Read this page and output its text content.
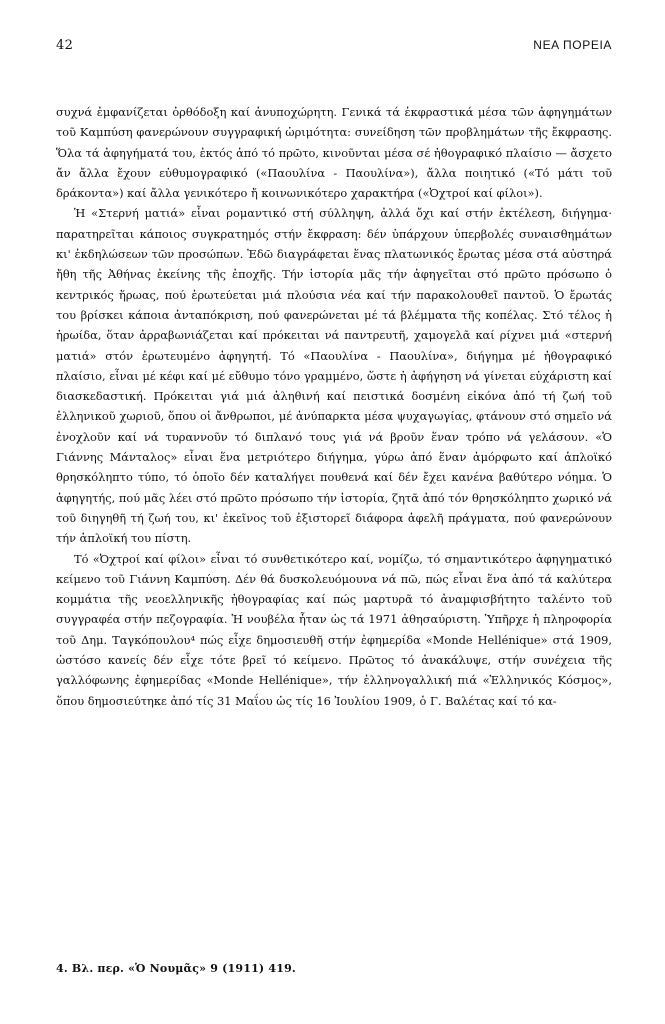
42	ΝΕΑ ΠΟΡΕΙΑ

συχνά ἐμφανίζεται ὀρθόδοξη καί ἀνυποχώρητη. Γενικά τά ἐκφραστικά μέσα τῶν ἀφηγημάτων τοῦ Καμπύση φανερώνουν συγγραφική ὡριμότητα: συνείδηση τῶν προβλημάτων τῆς ἔκφρασης. Ὅλα τά ἀφηγήματά του, ἐκτός ἀπό τό πρῶτο, κινοῦνται μέσα σέ ἠθογραφικό πλαίσιο — ἄσχετο ἄν ἄλλα ἔχουν εὐθυμογραφικό («Παουλίνα - Παουλίνα»), ἄλλα ποιητικό («Τό μάτι τοῦ δράκοντα») καί ἄλλα γενικότερο ἤ κοινωνικότερο χαρακτήρα («Ὀχτροί καί φίλοι»).

Ἡ «Στερνή ματιά» εἶναι ρομαντικό στή σύλληψη, ἀλλά ὄχι καί στήν ἐκτέλεση, διήγημα· παρατηρεῖται κάποιος συγκρατημός στήν ἔκφραση: δέν ὑπάρχουν ὑπερβολές συναισθημάτων κι' ἐκδηλώσεων τῶν προσώπων. Ἐδῶ διαγράφεται ἕνας πλατωνικός ἔρωτας μέσα στά αὐστηρά ἤθη τῆς Ἀθήνας ἐκείνης τῆς ἐποχῆς. Τήν ἱστορία μᾶς τήν ἀφηγεῖται στό πρῶτο πρόσωπο ὁ κεντρικός ἥρωας, πού ἐρωτεύεται μιά πλούσια νέα καί τήν παρακολουθεῖ παντοῦ. Ὁ ἔρωτάς του βρίσκει κάποια ἀνταπόκριση, πού φανερώνεται μέ τά βλέμματα τῆς κοπέλας. Στό τέλος ἡ ἡρωίδα, ὅταν ἀρραβωνιάζεται καί πρόκειται νά παντρευτῆ, χαμογελᾶ καί ρίχνει μιά «στερνή ματιά» στόν ἐρωτευμένο ἀφηγητή. Τό «Παουλίνα - Παουλίνα», διήγημα μέ ἠθογραφικό πλαίσιο, εἶναι μέ κέφι καί μέ εὔθυμο τόνο γραμμένο, ὥστε ἡ ἀφήγηση νά γίνεται εὐχάριστη καί διασκεδαστική. Πρόκειται γιά μιά ἀληθινή καί πειστικά δοσμένη εἰκόνα ἀπό τή ζωή τοῦ ἑλληνικοῦ χωριοῦ, ὅπου οἱ ἄνθρωποι, μέ ἀνύπαρκτα μέσα ψυχαγωγίας, φτάνουν στό σημεῖο νά ἐνοχλοῦν καί νά τυραννοῦν τό διπλανό τους γιά νά βροῦν ἕναν τρόπο νά γελάσουν. «Ὁ Γιάννης Μάνταλος» εἶναι ἕνα μετριότερο διήγημα, γύρω ἀπό ἕναν ἀμόρφωτο καί ἁπλοϊκό θρησκόληπτο τύπο, τό ὁποῖο δέν καταλήγει πουθενά καί δέν ἔχει κανένα βαθύτερο νόημα. Ὁ ἀφηγητής, πού μᾶς λέει στό πρῶτο πρόσωπο τήν ἱστορία, ζητᾶ ἀπό τόν θρησκόληπτο χωρικό νά τοῦ διηγηθῆ τή ζωή του, κι' ἐκεῖνος τοῦ ἐξιστορεῖ διάφορα ἀφελῆ πράγματα, πού φανερώνουν τήν ἁπλοϊκή του πίστη.

Τό «Ὀχτροί καί φίλοι» εἶναι τό συνθετικότερο καί, νομίζω, τό σημαντικότερο ἀφηγηματικό κείμενο τοῦ Γιάννη Καμπύση. Δέν θά δυσκολευόμουνα νά πῶ, πώς εἶναι ἕνα ἀπό τά καλύτερα κομμάτια τῆς νεοελληνικῆς ἠθογραφίας καί πώς μαρτυρᾶ τό ἀναμφισβήτητο ταλέντο τοῦ συγγραφέα στήν πεζογραφία. Ἡ νουβέλα ἦταν ὡς τά 1971 ἀθησαύριστη. Ὑπῆρχε ἡ πληροφορία τοῦ Δημ. Ταγκόπουλου⁴ πώς εἶχε δημοσιευθῆ στήν ἐφημερίδα «Monde Hellénique» στά 1909, ὡστόσο κανείς δέν εἶχε τότε βρεῖ τό κείμενο. Πρῶτος τό ἀνακάλυψε, στήν συνέχεια τῆς γαλλόφωνης ἐφημερίδας «Monde Hellénique», τήν ἑλληνογαλλική πιά «Ἑλληνικός Κόσμος», ὅπου δημοσιεύτηκε ἀπό τίς 31 Μαΐου ὡς τίς 16 Ἰουλίου 1909, ὁ Γ. Βαλέτας καί τό κα-

4. Βλ. περ. «Ὁ Νουμᾶς» 9 (1911) 419.
